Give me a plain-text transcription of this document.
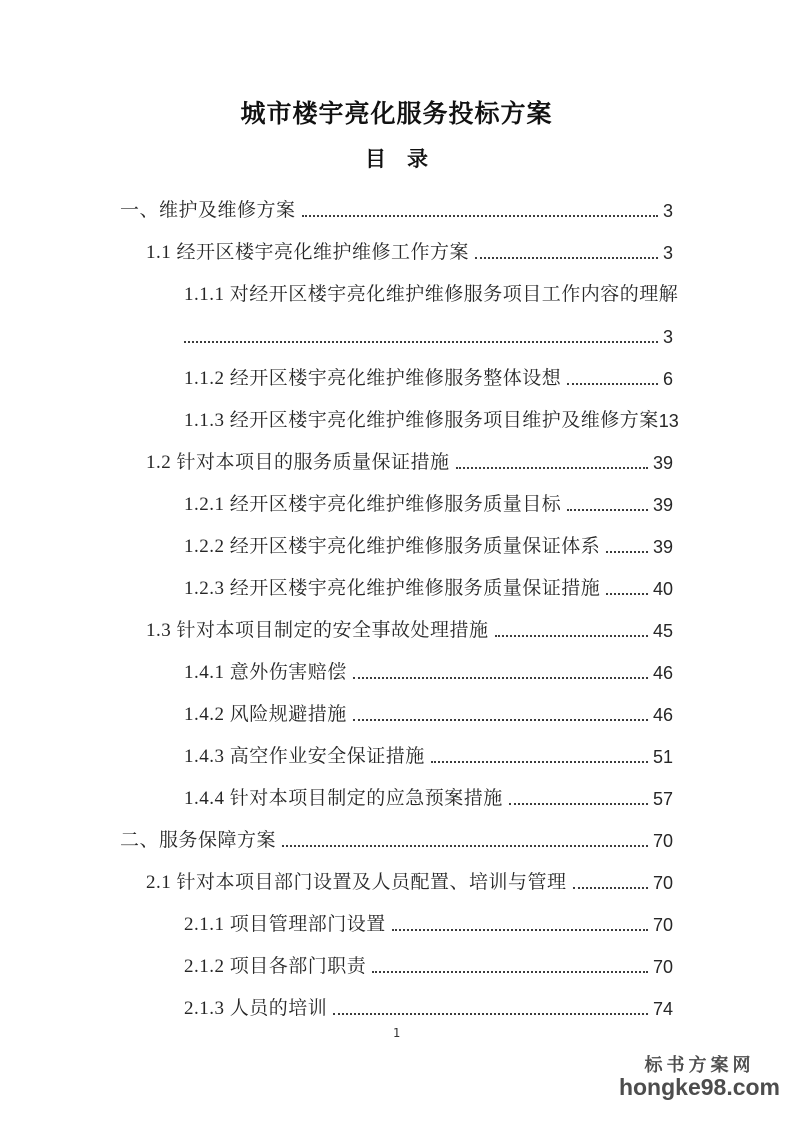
城市楼宇亮化服务投标方案
目　录
一、维护及维修方案	3
1.1 经开区楼宇亮化维护维修工作方案	3
1.1.1 对经开区楼宇亮化维护维修服务项目工作内容的理解
3
1.1.2 经开区楼宇亮化维护维修服务整体设想	6
1.1.3 经开区楼宇亮化维护维修服务项目维护及维修方案 13
1.2 针对本项目的服务质量保证措施	39
1.2.1 经开区楼宇亮化维护维修服务质量目标	39
1.2.2 经开区楼宇亮化维护维修服务质量保证体系	39
1.2.3 经开区楼宇亮化维护维修服务质量保证措施	40
1.3 针对本项目制定的安全事故处理措施	45
1.4.1 意外伤害赔偿	46
1.4.2 风险规避措施	46
1.4.3 高空作业安全保证措施	51
1.4.4 针对本项目制定的应急预案措施	57
二、服务保障方案	70
2.1 针对本项目部门设置及人员配置、培训与管理	70
2.1.1 项目管理部门设置	70
2.1.2 项目各部门职责	70
2.1.3 人员的培训	74
1
标书方案网
hongke98.com
